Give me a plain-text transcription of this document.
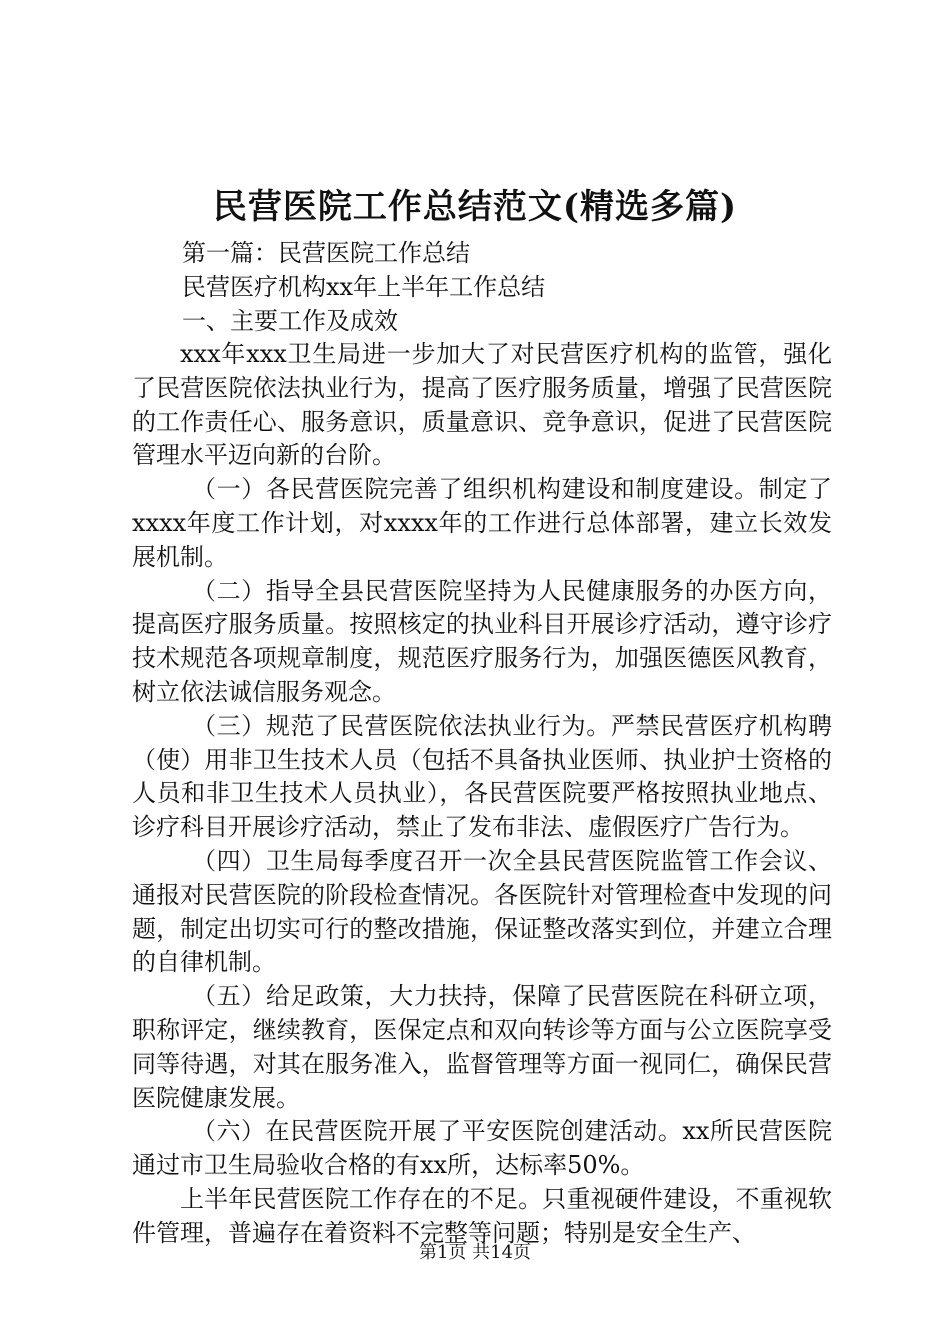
民营医院工作总结范文(精选多篇)
第一篇：民营医院工作总结
民营医疗机构xx年上半年工作总结
一、主要工作及成效

xxx年xxx卫生局进一步加大了对民营医疗机构的监管，强化了民营医院依法执业行为，提高了医疗服务质量，增强了民营医院的工作责任心、服务意识，质量意识、竞争意识，促进了民营医院管理水平迈向新的台阶。

（一）各民营医院完善了组织机构建设和制度建设。制定了xxxx年度工作计划，对xxxx年的工作进行总体部署，建立长效发展机制。

（二）指导全县民营医院坚持为人民健康服务的办医方向，提高医疗服务质量。按照核定的执业科目开展诊疗活动，遵守诊疗技术规范各项规章制度，规范医疗服务行为，加强医德医风教育，树立依法诚信服务观念。

（三）规范了民营医院依法执业行为。严禁民营医疗机构聘（使）用非卫生技术人员（包括不具备执业医师、执业护士资格的人员和非卫生技术人员执业），各民营医院要严格按照执业地点、诊疗科目开展诊疗活动，禁止了发布非法、虚假医疗广告行为。

（四）卫生局每季度召开一次全县民营医院监管工作会议、通报对民营医院的阶段检查情况。各医院针对管理检查中发现的问题，制定出切实可行的整改措施，保证整改落实到位，并建立合理的自律机制。

（五）给足政策，大力扶持，保障了民营医院在科研立项，职称评定，继续教育，医保定点和双向转诊等方面与公立医院享受同等待遇，对其在服务准入，监督管理等方面一视同仁，确保民营医院健康发展。

（六）在民营医院开展了平安医院创建活动。xx所民营医院通过市卫生局验收合格的有xx所，达标率50%。

上半年民营医院工作存在的不足。只重视硬件建设，不重视软件管理，普遍存在着资料不完整等问题；特别是安全生产、

第1页 共14页
